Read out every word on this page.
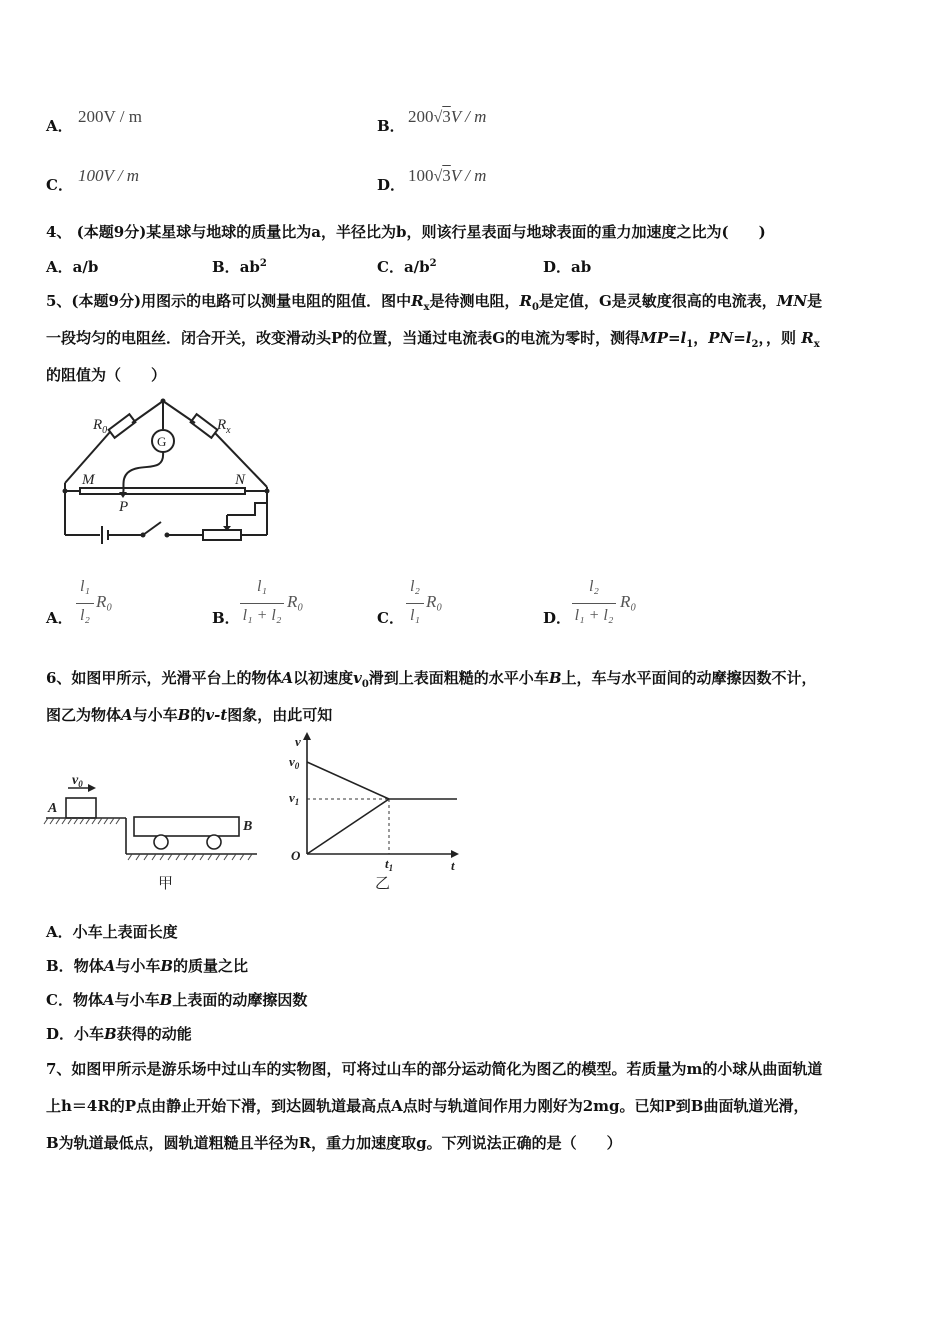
A． 200V / m	B． 200√3V / m
C． 100V / m	D． 100√3V / m
4、 (本题9分)某星球与地球的质量比为a，半径比为b，则该行星表面与地球表面的重力加速度之比为(　　)
A．a/b	B．$ab^2$	C．$a/b^2$	D．ab
5、(本题9分)用图示的电路可以测量电阻的阻值．图中$R_x$是待测电阻，$R_0$是定值，G是灵敏度很高的电流表，MN是
一段均匀的电阻丝．闭合开关，改变滑动头P的位置，当通过电流表G的电流为零时，测得$MP=l_1$，$PN=l_2$，，则 $R_x$
的阻值为（　　）
$R_0$	$R_x$
G
M	N
P
A．
l₁
l₂
R₀
B．
l₁
l₁ + l₂
R₀
C．
l₂
l₁
R₀
D．
l₂
l₁ + l₂
R₀
6、如图甲所示，光滑平台上的物体A以初速度$v_0$滑到上表面粗糙的水平小车B上，车与水平面间的动摩擦因数不计，
图乙为物体A与小车B的v-t图象，由此可知
$v_0$
A
B
甲
v
$v_0$
$v_1$
O
$t_1$	t
乙
A．小车上表面长度
B．物体A与小车B的质量之比
C．物体A与小车B上表面的动摩擦因数
D．小车B获得的动能
7、如图甲所示是游乐场中过山车的实物图，可将过山车的部分运动简化为图乙的模型。若质量为m的小球从曲面轨道
上h＝4R的P点由静止开始下滑，到达圆轨道最高点A点时与轨道间作用力刚好为2mg。已知P到B曲面轨道光滑，
B为轨道最低点，圆轨道粗糙且半径为R，重力加速度取g。下列说法正确的是（　　）
